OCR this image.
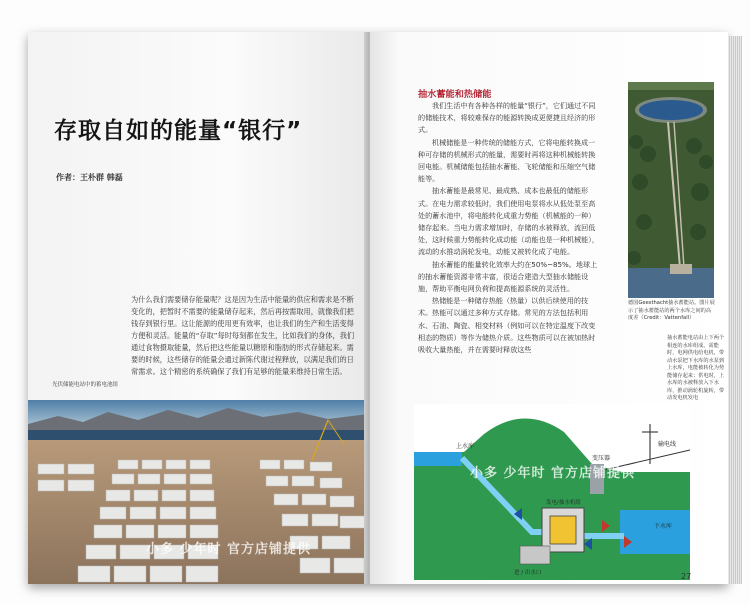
存取自如的能量“银行”
作者：王朴群 韩磊
为什么我们需要储存能量呢？这是因为生活中能量的供应和需求是不断变化的，把暂时不需要的能量储存起来，然后再按需取用，就像我们把钱存到银行里。这让能源的使用更有效率，也让我们的生产和生活变得方便和灵活。能量的“存取”每时每刻都在发生，比如我们的身体，我们通过食物摄取能量，然后把这些能量以糖原和脂肪的形式存储起来。需要的时候，这些储存的能量会通过新陈代谢过程释放，以满足我们的日常需求。这个精密的系统确保了我们有足够的能量来维持日常生活。
光伏储能电站中的蓄电池组
小多 少年时 官方店铺提供
抽水蓄能和热储能

我们生活中有各种各样的能量“银行”，它们通过不同的储能技术，将较难保存的能源转换成更便捷且经济的形式。

机械储能是一种传统的储能方式，它将电能转换成一种可存储的机械形式的能量，需要时再将这种机械能转换回电能。机械储能包括抽水蓄能、飞轮储能和压缩空气储能等。

抽水蓄能是最常见、最成熟、成本也最低的储能形式。在电力需求较低时，我们使用电泵将水从低处泵至高处的蓄水池中，将电能转化成重力势能（机械能的一种）储存起来。当电力需求增加时，存储的水被释放，流回低处，这时候重力势能转化成动能（动能也是一种机械能），流动的水推动涡轮发电，动能又被转化成了电能。

抽水蓄能的能量转化效率大约在50%~85%。地球上的抽水蓄能资源非常丰富，很适合建造大型抽水储能设施，帮助平衡电网负荷和提高能源系统的灵活性。

热储能是一种储存热能（热量）以供后续使用的技术。热能可以通过多种方式存储。常见的方法包括利用水、石油、陶瓷、相变材料（例如可以在特定温度下改变相态的物质）等作为储热介质。这些物质可以在被加热时吸收大量热能，并在需要时释放这些

德国Geesthacht抽水蓄能站。图片展示了抽水蓄能站的两个水库之间的高度差（Credit：Vattenfall）
抽水蓄能电站由上下两个相连的水库组成。需能时，电网供电给电机，带动水泵把下水库的水泵到上水库，电能被转化为势能储存起来；供电时，上水库的水被释放入下水库，推动涡轮机旋转，带动发电机发电
上水库
下水库
输电线
变压器
发电/抽水机组
进 / 出水口	27
小多 少年时 官方店铺提供
